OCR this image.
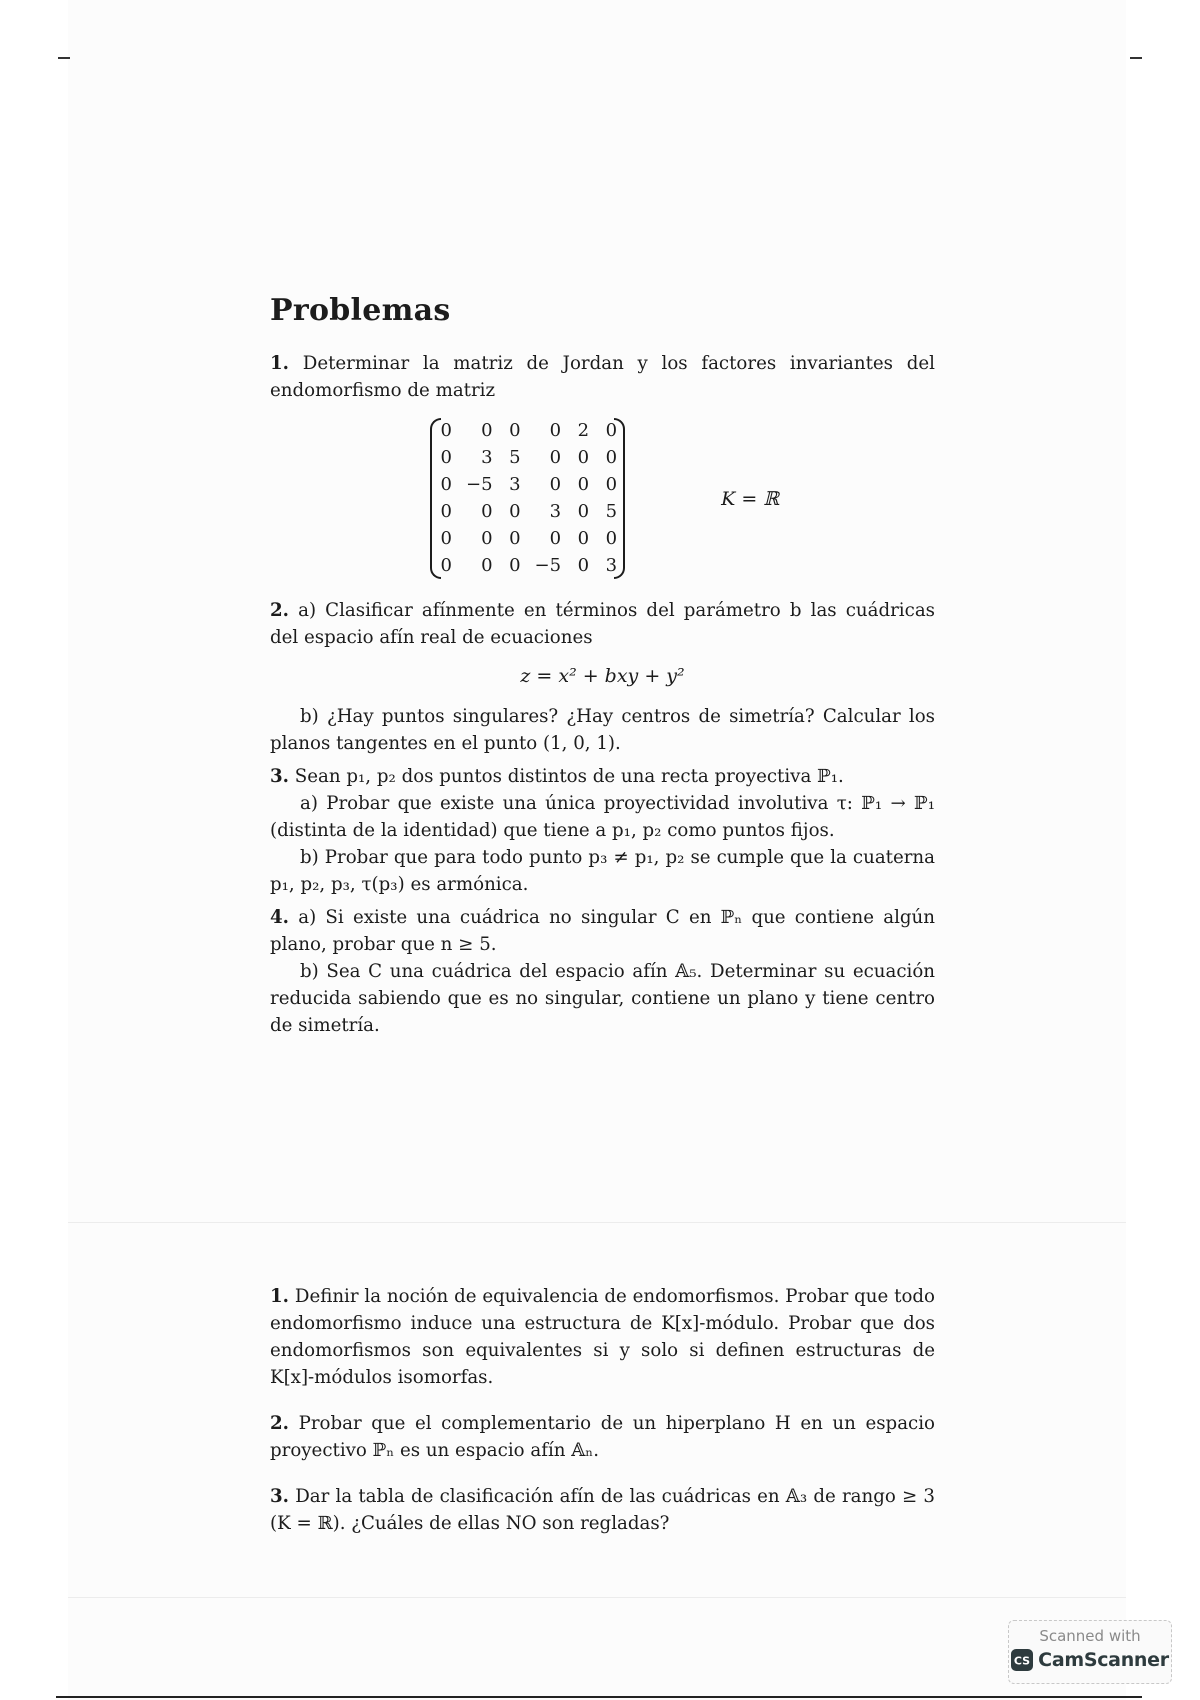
Problemas

1. Determinar la matriz de Jordan y los factores invariantes del endomorfismo de matriz

0	0 0	0 2 0
0	3 5	0 0 0
0 −5 3	0 0 0
0	0 0	3 0 5
0	0 0	0 0 0
0	0 0 −5 0 3
K = ℝ

2. a) Clasificar afínmente en términos del parámetro b las cuádricas del espacio afín real de ecuaciones

z = x² + bxy + y²

b) ¿Hay puntos singulares? ¿Hay centros de simetría? Calcular los planos tangentes en el punto (1, 0, 1).

3. Sean p₁, p₂ dos puntos distintos de una recta proyectiva ℙ₁.

a) Probar que existe una única proyectividad involutiva τ: ℙ₁ → ℙ₁ (distinta de la identidad) que tiene a p₁, p₂ como puntos fijos.

b) Probar que para todo punto p₃ ≠ p₁, p₂ se cumple que la cuaterna p₁, p₂, p₃, τ(p₃) es armónica.

4. a) Si existe una cuádrica no singular C en ℙₙ que contiene algún plano, probar que n ≥ 5.

b) Sea C una cuádrica del espacio afín 𝔸₅. Determinar su ecuación reducida sabiendo que es no singular, contiene un plano y tiene centro de simetría.

1. Definir la noción de equivalencia de endomorfismos. Probar que todo endomorfismo induce una estructura de K[x]-módulo. Probar que dos endomorfismos son equivalentes si y solo si definen estructuras de K[x]-módulos isomorfas.

2. Probar que el complementario de un hiperplano H en un espacio proyectivo ℙₙ es un espacio afín 𝔸ₙ.

3. Dar la tabla de clasificación afín de las cuádricas en 𝔸₃ de rango ≥ 3 (K = ℝ). ¿Cuáles de ellas NO son regladas?

Scanned with
CS CamScanner
